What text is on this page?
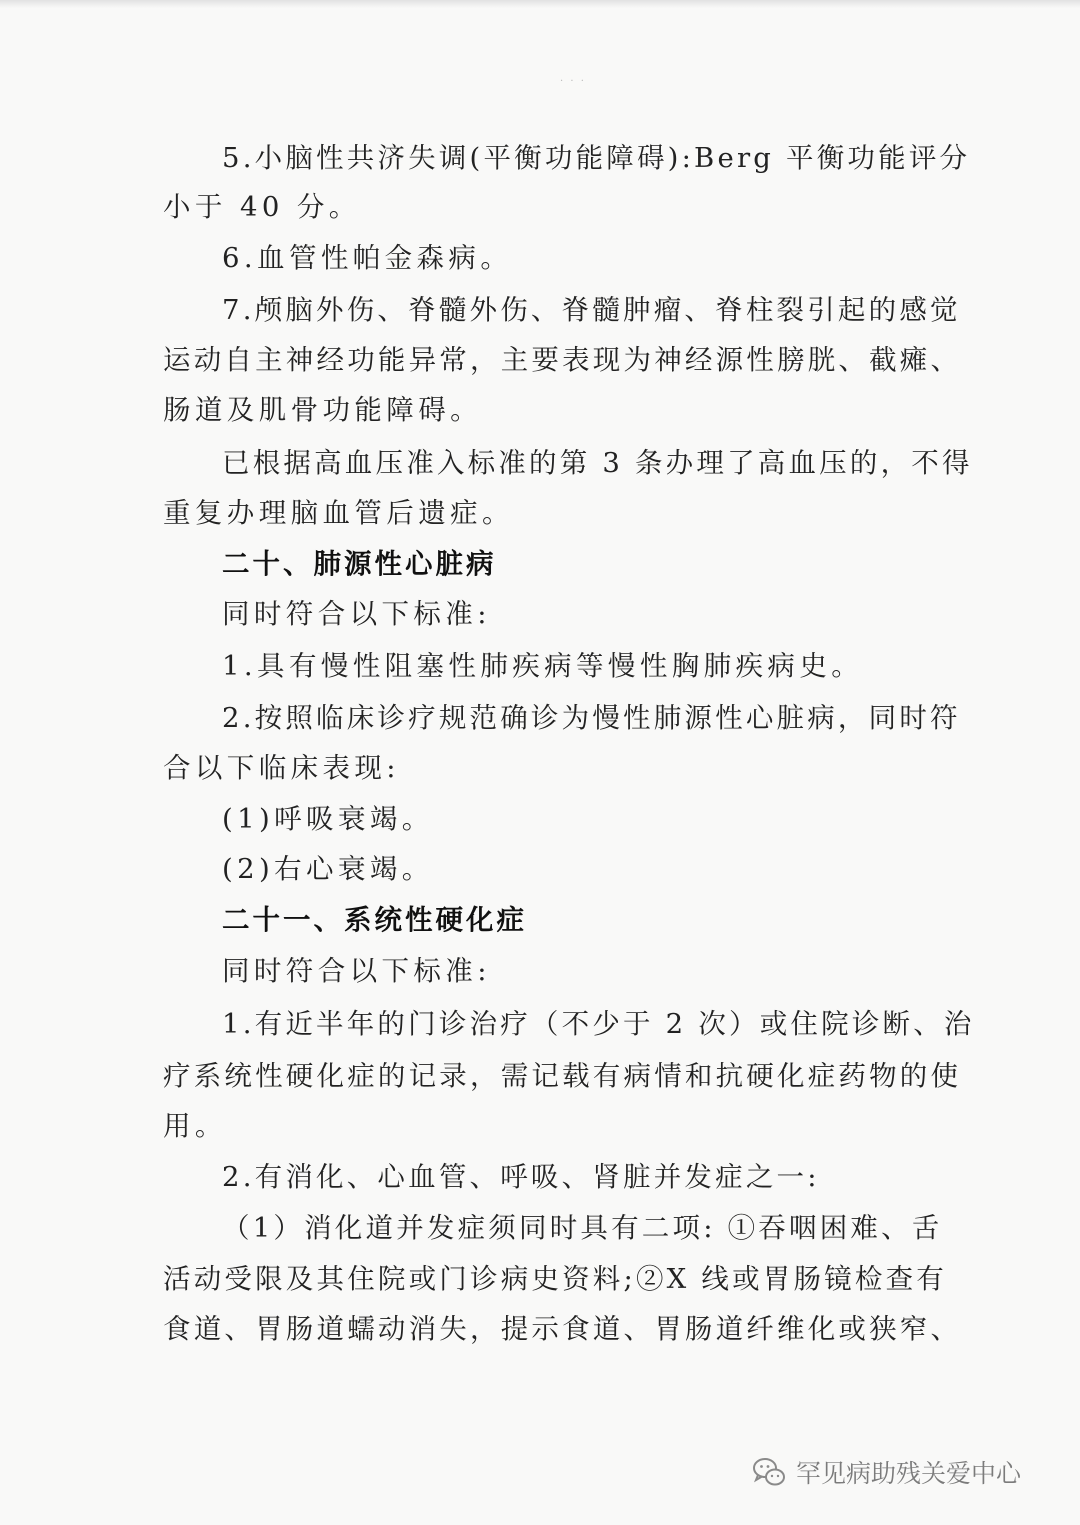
· · ·
5.小脑性共济失调(平衡功能障碍):Berg 平衡功能评分
小于 40 分。
6.血管性帕金森病。
7.颅脑外伤、脊髓外伤、脊髓肿瘤、脊柱裂引起的感觉
运动自主神经功能异常，主要表现为神经源性膀胱、截瘫、
肠道及肌骨功能障碍。
已根据高血压准入标准的第 3 条办理了高血压的，不得
重复办理脑血管后遗症。
二十、肺源性心脏病
同时符合以下标准:
1.具有慢性阻塞性肺疾病等慢性胸肺疾病史。
2.按照临床诊疗规范确诊为慢性肺源性心脏病，同时符
合以下临床表现:
(1)呼吸衰竭。
(2)右心衰竭。
二十一、系统性硬化症
同时符合以下标准:
1.有近半年的门诊治疗（不少于 2 次）或住院诊断、治
疗系统性硬化症的记录，需记载有病情和抗硬化症药物的使
用。
2.有消化、心血管、呼吸、肾脏并发症之一:
（1）消化道并发症须同时具有二项: ①吞咽困难、舌
活动受限及其住院或门诊病史资料;②X 线或胃肠镜检查有
食道、胃肠道蠕动消失，提示食道、胃肠道纤维化或狭窄、
罕见病助残关爱中心
